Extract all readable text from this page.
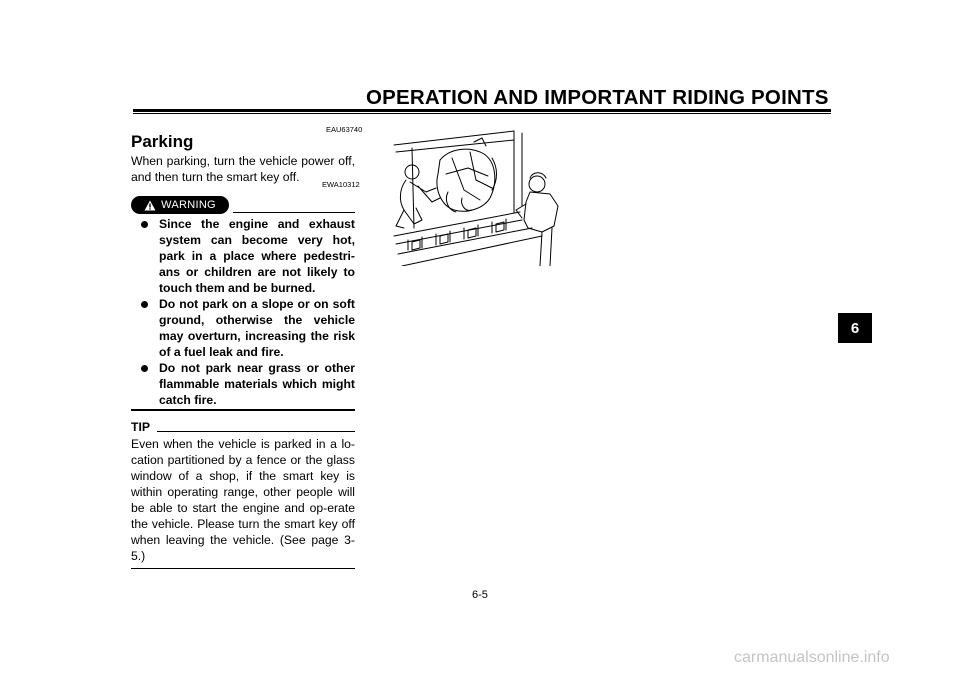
OPERATION AND IMPORTANT RIDING POINTS
EAU63740
Parking
When parking, turn the vehicle power off, and then turn the smart key off.
EWA10312
WARNING
Since the engine and exhaust system can become very hot, park in a place where pedestri-ans or children are not likely to touch them and be burned.
Do not park on a slope or on soft ground, otherwise the vehicle may overturn, increasing the risk of a fuel leak and fire.
Do not park near grass or other flammable materials which might catch fire.
TIP
Even when the vehicle is parked in a lo-cation partitioned by a fence or the glass window of a shop, if the smart key is within operating range, other people will be able to start the engine and op-erate the vehicle. Please turn the smart key off when leaving the vehicle. (See page 3-5.)
6
6-5
carmanualsonline.info
